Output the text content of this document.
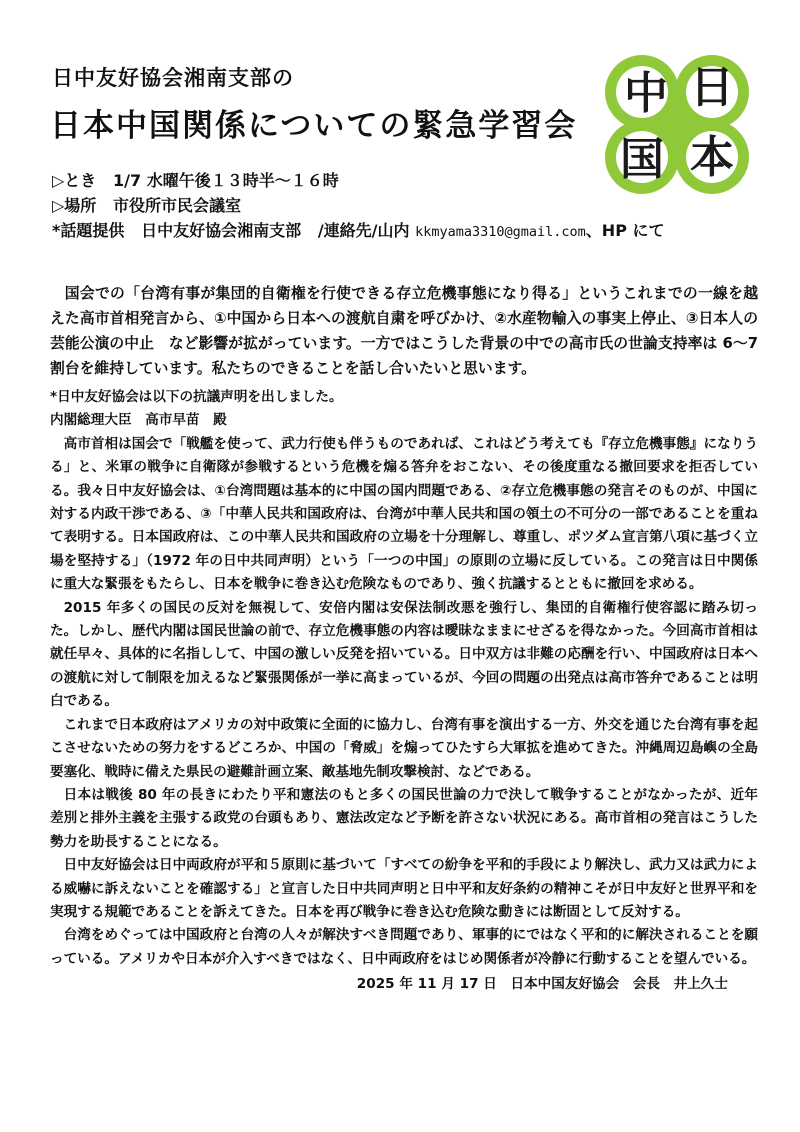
日中友好協会湘南支部の
日本中国関係についての緊急学習会
中 日
国 本
▷とき 1/7 水曜午後１３時半～１６時
▷場所 市役所市民会議室
*話題提供 日中友好協会湘南支部 /連絡先/山内 kkmyama3310@gmail.com、HP にて

国会での「台湾有事が集団的自衛権を行使できる存立危機事態になり得る」というこれまでの一線を越えた高市首相発言から、①中国から日本への渡航自粛を呼びかけ、②水産物輸入の事実上停止、③日本人の芸能公演の中止　など影響が拡がっています。一方ではこうした背景の中での高市氏の世論支持率は 6～7 割台を維持しています。私たちのできることを話し合いたいと思います。

*日中友好協会は以下の抗議声明を出しました。

内閣総理大臣　高市早苗　殿

高市首相は国会で「戦艦を使って、武力行使も伴うものであれば、これはどう考えても『存立危機事態』になりうる」と、米軍の戦争に自衛隊が参戦するという危機を煽る答弁をおこない、その後度重なる撤回要求を拒否している。我々日中友好協会は、①台湾問題は基本的に中国の国内問題である、②存立危機事態の発言そのものが、中国に対する内政干渉である、③「中華人民共和国政府は、台湾が中華人民共和国の領土の不可分の一部であることを重ねて表明する。日本国政府は、この中華人民共和国政府の立場を十分理解し、尊重し、ポツダム宣言第八項に基づく立場を堅持する」（1972 年の日中共同声明）という「一つの中国」の原則の立場に反している。この発言は日中関係に重大な緊張をもたらし、日本を戦争に巻き込む危険なものであり、強く抗議するとともに撤回を求める。

2015 年多くの国民の反対を無視して、安倍内閣は安保法制改悪を強行し、集団的自衛権行使容認に踏み切った。しかし、歴代内閣は国民世論の前で、存立危機事態の内容は曖昧なままにせざるを得なかった。今回高市首相は就任早々、具体的に名指しして、中国の激しい反発を招いている。日中双方は非難の応酬を行い、中国政府は日本への渡航に対して制限を加えるなど緊張関係が一挙に高まっているが、今回の問題の出発点は高市答弁であることは明白である。

これまで日本政府はアメリカの対中政策に全面的に協力し、台湾有事を演出する一方、外交を通じた台湾有事を起こさせないための努力をするどころか、中国の「脅威」を煽ってひたすら大軍拡を進めてきた。沖縄周辺島嶼の全島要塞化、戦時に備えた県民の避難計画立案、敵基地先制攻撃検討、などである。

日本は戦後 80 年の長きにわたり平和憲法のもと多くの国民世論の力で決して戦争することがなかったが、近年差別と排外主義を主張する政党の台頭もあり、憲法改定など予断を許さない状況にある。高市首相の発言はこうした勢力を助長することになる。

日中友好協会は日中両政府が平和５原則に基づいて「すべての紛争を平和的手段により解決し、武力又は武力による威嚇に訴えないことを確認する」と宣言した日中共同声明と日中平和友好条約の精神こそが日中友好と世界平和を実現する規範であることを訴えてきた。日本を再び戦争に巻き込む危険な動きには断固として反対する。

台湾をめぐっては中国政府と台湾の人々が解決すべき問題であり、軍事的にではなく平和的に解決されることを願っている。アメリカや日本が介入すべきではなく、日中両政府をはじめ関係者が冷静に行動することを望んでいる。

2025 年 11 月 17 日　日本中国友好協会　会長　井上久士
